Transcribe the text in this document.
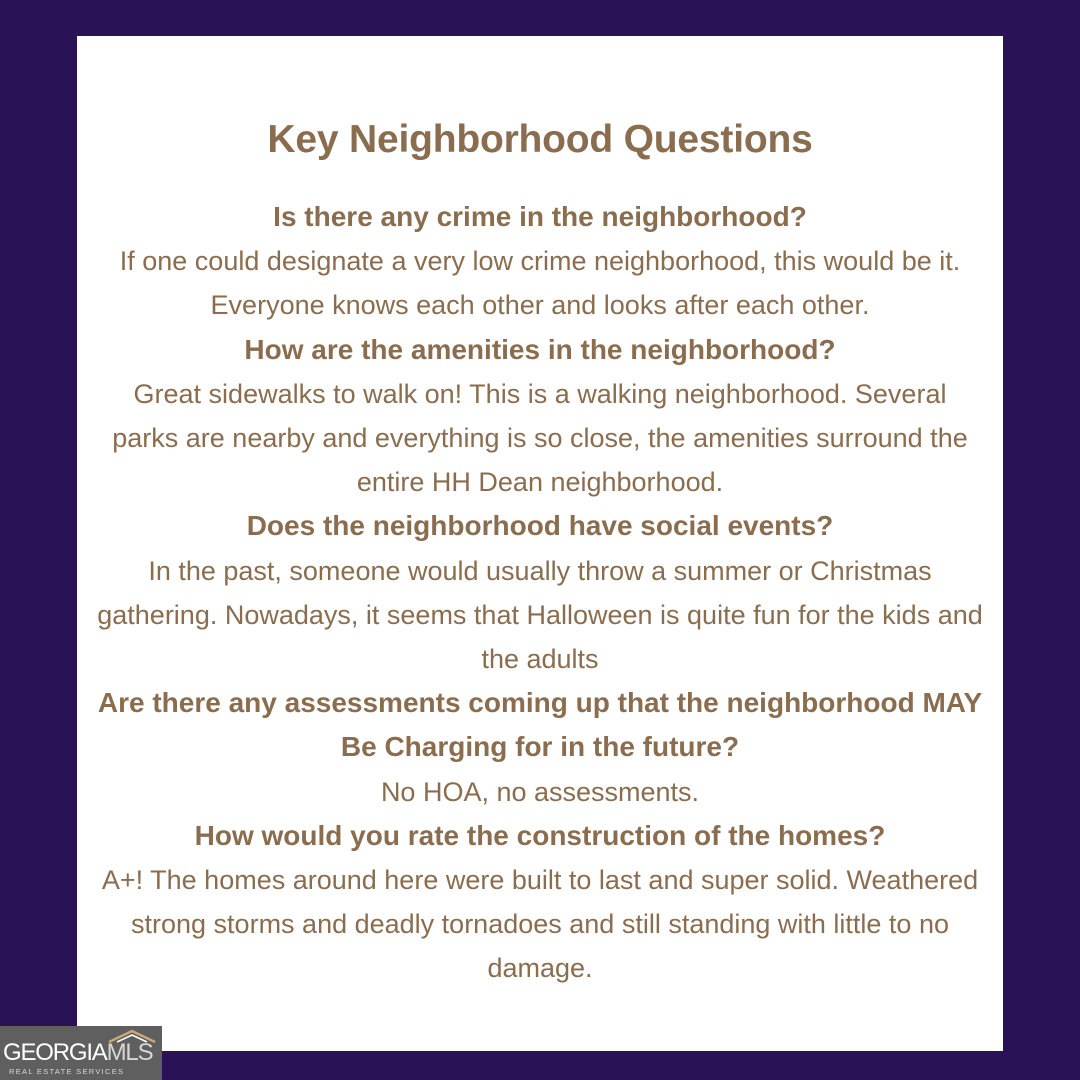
Key Neighborhood Questions

Is there any crime in the neighborhood?

If one could designate a very low crime neighborhood, this would be it. Everyone knows each other and looks after each other.

How are the amenities in the neighborhood?

Great sidewalks to walk on! This is a walking neighborhood. Several parks are nearby and everything is so close, the amenities surround the entire HH Dean neighborhood.

Does the neighborhood have social events?

In the past, someone would usually throw a summer or Christmas gathering. Nowadays, it seems that Halloween is quite fun for the kids and the adults

Are there any assessments coming up that the neighborhood MAY Be Charging for in the future?

No HOA, no assessments.

How would you rate the construction of the homes?

A+! The homes around here were built to last and super solid. Weathered strong storms and deadly tornadoes and still standing with little to no damage.

GEORGIAMLS
REAL ESTATE SERVICES
